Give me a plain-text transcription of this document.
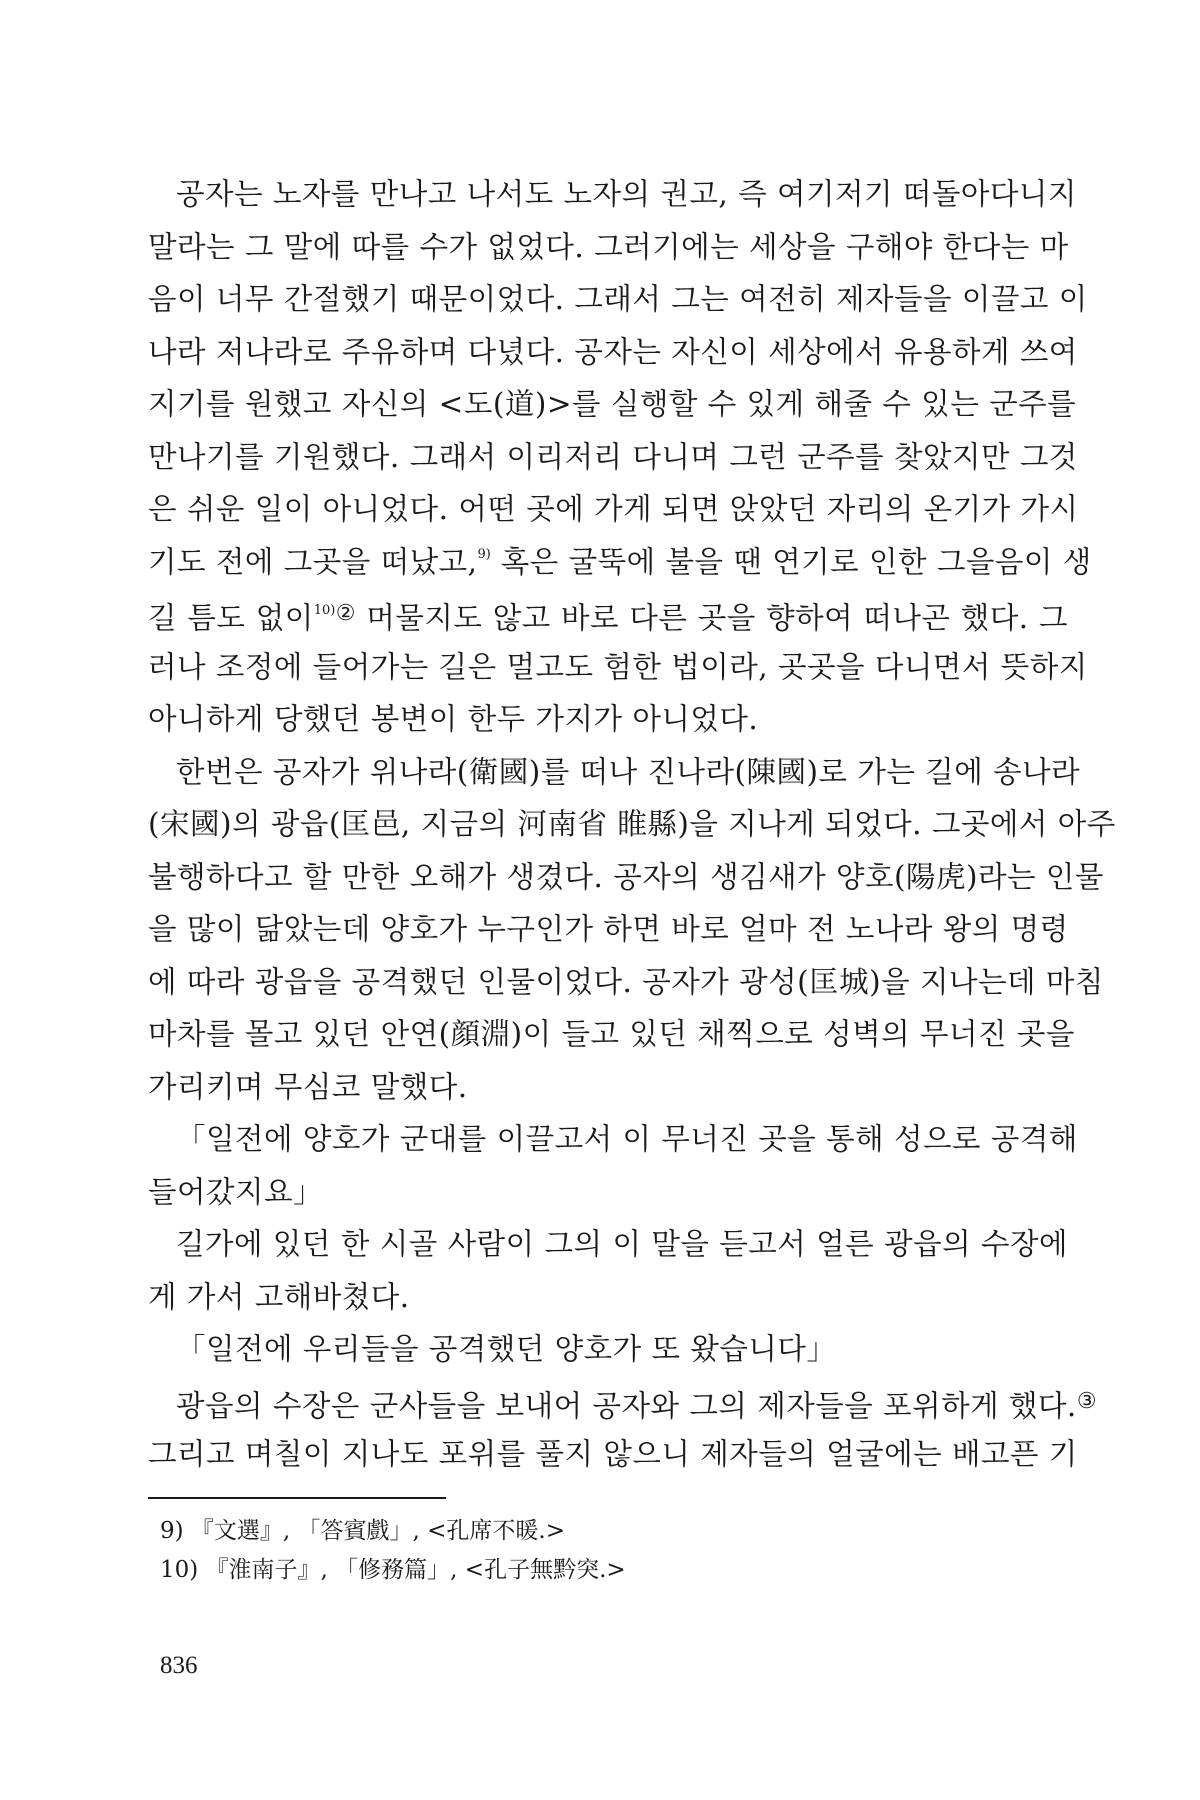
공자는 노자를 만나고 나서도 노자의 권고, 즉 여기저기 떠돌아다니지
말라는 그 말에 따를 수가 없었다. 그러기에는 세상을 구해야 한다는 마
음이 너무 간절했기 때문이었다. 그래서 그는 여전히 제자들을 이끌고 이
나라 저나라로 주유하며 다녔다. 공자는 자신이 세상에서 유용하게 쓰여
지기를 원했고 자신의 <도(道)>를 실행할 수 있게 해줄 수 있는 군주를
만나기를 기원했다. 그래서 이리저리 다니며 그런 군주를 찾았지만 그것
은 쉬운 일이 아니었다. 어떤 곳에 가게 되면 앉았던 자리의 온기가 가시
기도 전에 그곳을 떠났고,$^{9)}$ 혹은 굴뚝에 불을 땐 연기로 인한 그을음이 생
길 틈도 없이$^{10)②}$ 머물지도 않고 바로 다른 곳을 향하여 떠나곤 했다. 그
러나 조정에 들어가는 길은 멀고도 험한 법이라, 곳곳을 다니면서 뜻하지
아니하게 당했던 봉변이 한두 가지가 아니었다.
한번은 공자가 위나라(衛國)를 떠나 진나라(陳國)로 가는 길에 송나라
(宋國)의 광읍(匡邑, 지금의 河南省 睢縣)을 지나게 되었다. 그곳에서 아주
불행하다고 할 만한 오해가 생겼다. 공자의 생김새가 양호(陽虎)라는 인물
을 많이 닮았는데 양호가 누구인가 하면 바로 얼마 전 노나라 왕의 명령
에 따라 광읍을 공격했던 인물이었다. 공자가 광성(匡城)을 지나는데 마침
마차를 몰고 있던 안연(顔淵)이 들고 있던 채찍으로 성벽의 무너진 곳을
가리키며 무심코 말했다.
「일전에 양호가 군대를 이끌고서 이 무너진 곳을 통해 성으로 공격해
들어갔지요」
길가에 있던 한 시골 사람이 그의 이 말을 듣고서 얼른 광읍의 수장에
게 가서 고해바쳤다.
「일전에 우리들을 공격했던 양호가 또 왔습니다」
광읍의 수장은 군사들을 보내어 공자와 그의 제자들을 포위하게 했다.③
그리고 며칠이 지나도 포위를 풀지 않으니 제자들의 얼굴에는 배고픈 기
9) 『文選』, 「答賓戲」, <孔席不暖.>
10) 『淮南子』, 「修務篇」, <孔子無黔突.>
836
